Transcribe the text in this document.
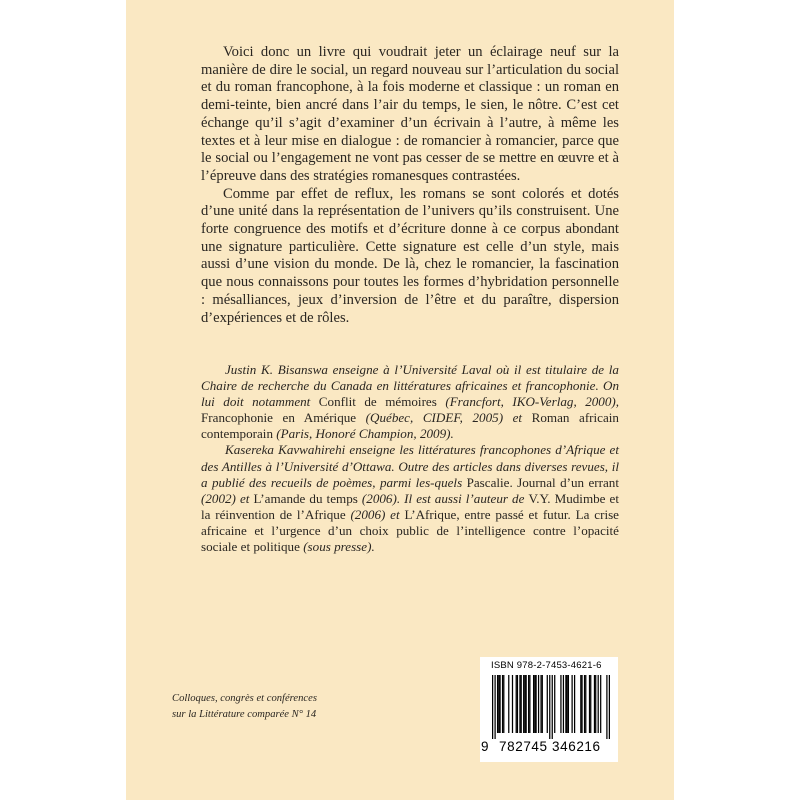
Voici donc un livre qui voudrait jeter un éclairage neuf sur la manière de dire le social, un regard nouveau sur l’articulation du social et du roman francophone, à la fois moderne et classique : un roman en demi-teinte, bien ancré dans l’air du temps, le sien, le nôtre. C’est cet échange qu’il s’agit d’examiner d’un écrivain à l’autre, à même les textes et à leur mise en dialogue : de romancier à romancier, parce que le social ou l’engagement ne vont pas cesser de se mettre en œuvre et à l’épreuve dans des stratégies romanesques contrastées.

Comme par effet de reflux, les romans se sont colorés et dotés d’une unité dans la représentation de l’univers qu’ils construisent. Une forte congruence des motifs et d’écriture donne à ce corpus abondant une signature particulière. Cette signature est celle d’un style, mais aussi d’une vision du monde. De là, chez le romancier, la fascination que nous connaissons pour toutes les formes d’hybridation personnelle : mésalliances, jeux d’inversion de l’être et du paraître, dispersion d’expériences et de rôles.

Justin K. Bisanswa enseigne à l’Université Laval où il est titulaire de la Chaire de recherche du Canada en littératures africaines et francophonie. On lui doit notamment Conflit de mémoires (Francfort, IKO-Verlag, 2000), Francophonie en Amérique (Québec, CIDEF, 2005) et Roman africain contemporain (Paris, Honoré Champion, 2009).

Kasereka Kavwahirehi enseigne les littératures francophones d’Afrique et des Antilles à l’Université d’Ottawa. Outre des articles dans diverses revues, il a publié des recueils de poèmes, parmi les-quels Pascalie. Journal d’un errant (2002) et L’amande du temps (2006). Il est aussi l’auteur de V.Y. Mudimbe et la réinvention de l’Afrique (2006) et L’Afrique, entre passé et futur. La crise africaine et l’urgence d’un choix public de l’intelligence contre l’opacité sociale et politique (sous presse).

Colloques, congrès et conférences
sur la Littérature comparée N° 14
ISBN 978-2-7453-4621-6
9 782745 346216
